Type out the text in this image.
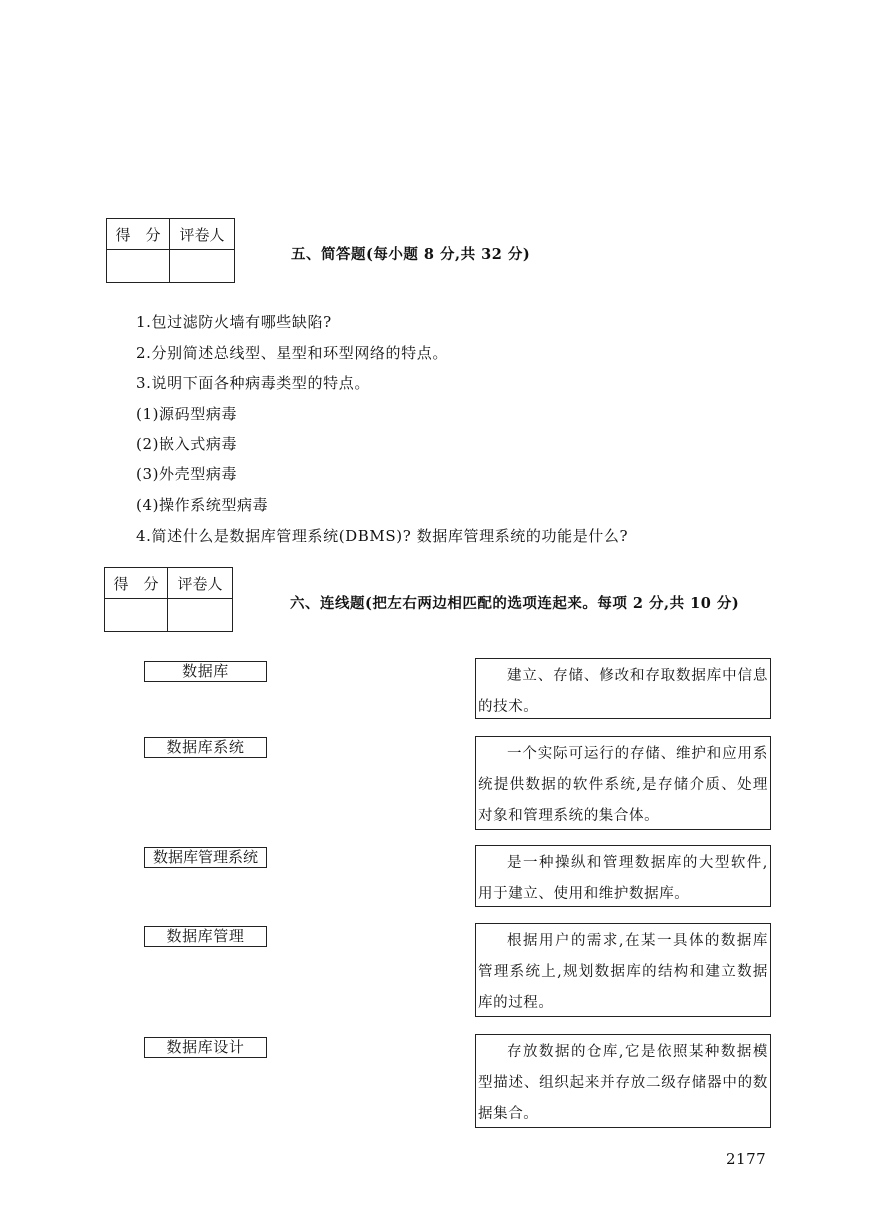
得　分	评卷人

五、简答题(每小题 8 分,共 32 分)
1.包过滤防火墙有哪些缺陷?
2.分别简述总线型、星型和环型网络的特点。
3.说明下面各种病毒类型的特点。
(1)源码型病毒
(2)嵌入式病毒
(3)外壳型病毒
(4)操作系统型病毒
4.简述什么是数据库管理系统(DBMS)? 数据库管理系统的功能是什么?
得　分	评卷人

六、连线题(把左右两边相匹配的选项连起来。每项 2 分,共 10 分)
数据库
数据库系统
数据库管理系统
数据库管理
数据库设计
建立、存储、修改和存取数据库中信息的技术。
一个实际可运行的存储、维护和应用系统提供数据的软件系统,是存储介质、处理对象和管理系统的集合体。
是一种操纵和管理数据库的大型软件,用于建立、使用和维护数据库。
根据用户的需求,在某一具体的数据库管理系统上,规划数据库的结构和建立数据库的过程。
存放数据的仓库,它是依照某种数据模型描述、组织起来并存放二级存储器中的数据集合。
2177
